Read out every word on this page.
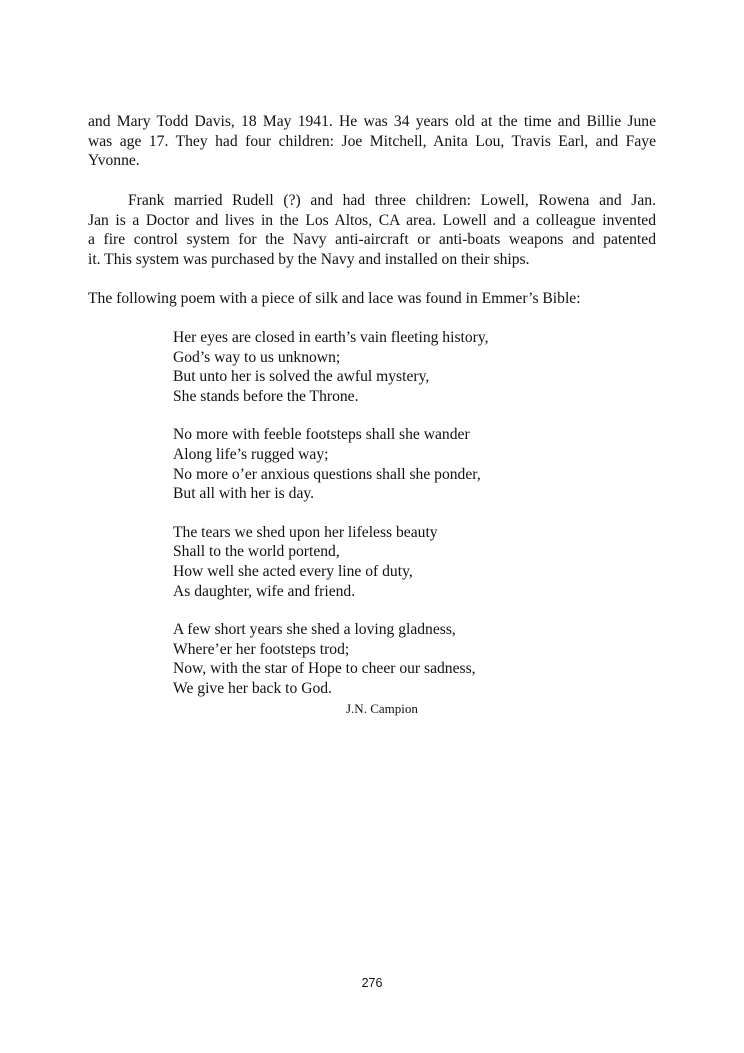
and Mary Todd Davis, 18 May 1941. He was 34 years old at the time and Billie June
was age 17. They had four children: Joe Mitchell, Anita Lou, Travis Earl, and Faye
Yvonne.

Frank married Rudell (?) and had three children: Lowell, Rowena and Jan.
Jan is a Doctor and lives in the Los Altos, CA area. Lowell and a colleague invented
a fire control system for the Navy anti-aircraft or anti-boats weapons and patented
it. This system was purchased by the Navy and installed on their ships.

The following poem with a piece of silk and lace was found in Emmer’s Bible:

Her eyes are closed in earth’s vain fleeting history,
God’s way to us unknown;
But unto her is solved the awful mystery,
She stands before the Throne.
No more with feeble footsteps shall she wander
Along life’s rugged way;
No more o’er anxious questions shall she ponder,
But all with her is day.
The tears we shed upon her lifeless beauty
Shall to the world portend,
How well she acted every line of duty,
As daughter, wife and friend.
A few short years she shed a loving gladness,
Where’er her footsteps trod;
Now, with the star of Hope to cheer our sadness,
We give her back to God.
J.N. Campion
276
